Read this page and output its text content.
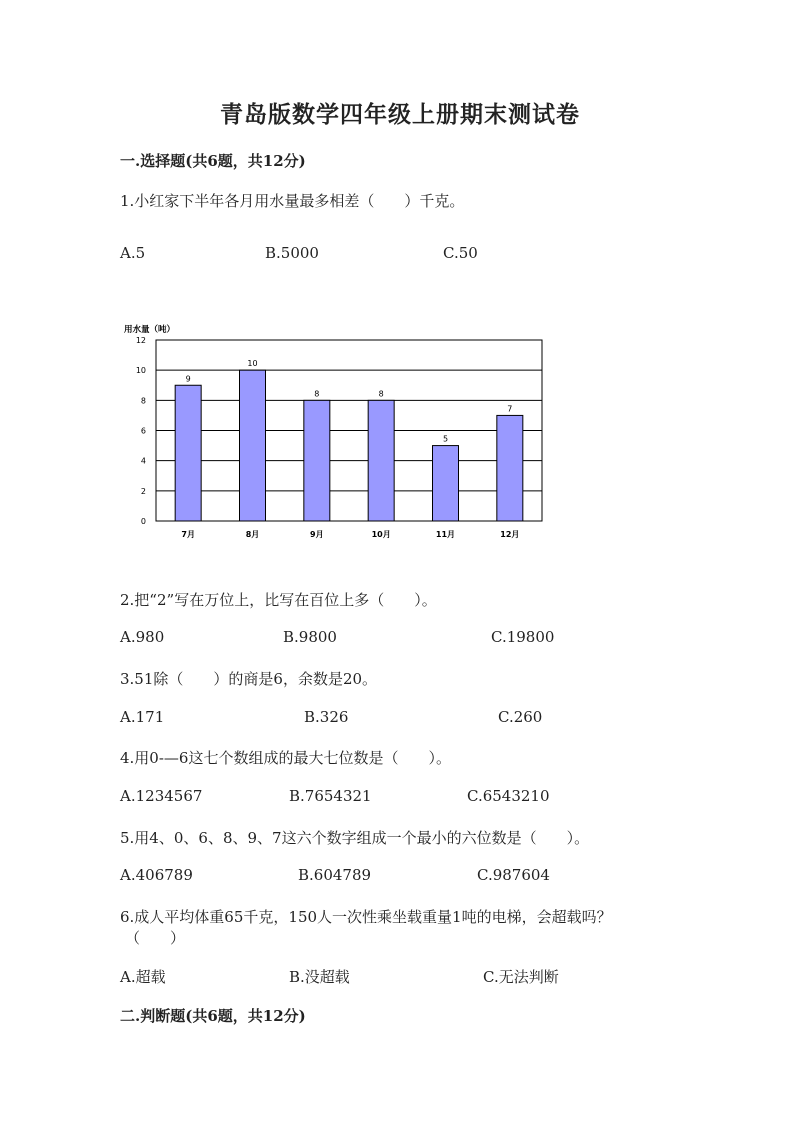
青岛版数学四年级上册期末测试卷
一.选择题(共6题，共12分)
1.小红家下半年各月用水量最多相差（　　）千克。
A.5	B.5000	C.50
用水量（吨）
0
2
4
6
8
10
12
9
7月
10
8月
8
9月
8
10月
5
11月
7
12月
2.把“2”写在万位上，比写在百位上多（　　）。
A.980	B.9800	C.19800
3.51除（　　）的商是6，余数是20。
A.171	B.326	C.260
4.用0-—6这七个数组成的最大七位数是（　　）。
A.1234567	B.7654321	C.6543210
5.用4、0、6、8、9、7这六个数字组成一个最小的六位数是（　　）。
A.406789	B.604789	C.987604
6.成人平均体重65千克，150人一次性乘坐载重量1吨的电梯，会超载吗？
（　　）
A.超载	B.没超载	C.无法判断
二.判断题(共6题，共12分)
